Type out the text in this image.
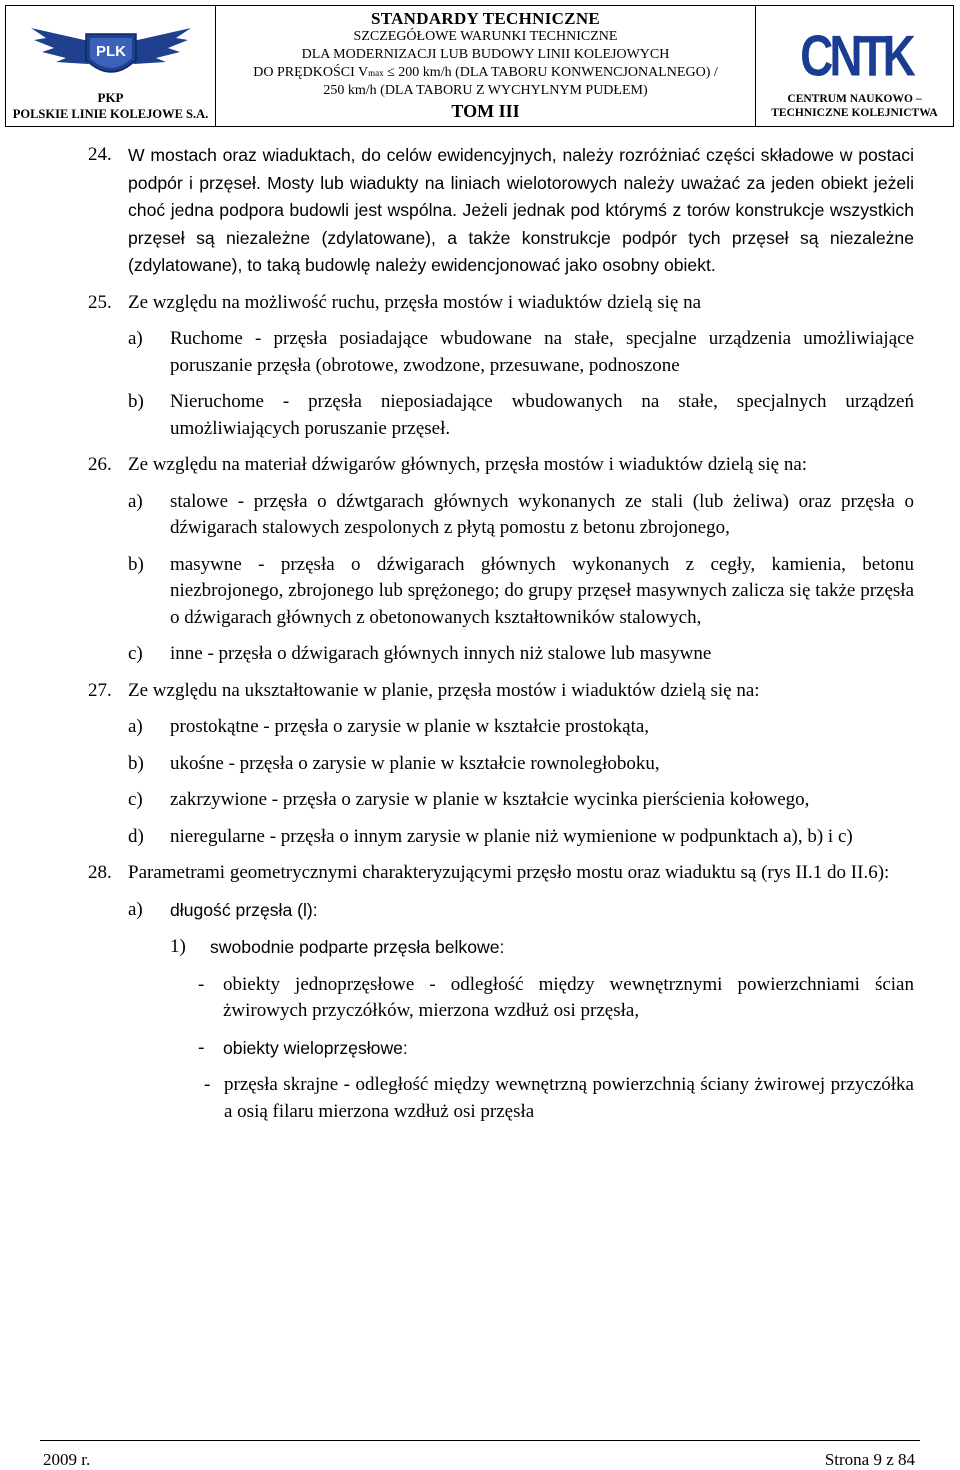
PLK
PKP
POLSKIE LINIE KOLEJOWE S.A.
STANDARDY TECHNICZNE
SZCZEGÓŁOWE WARUNKI TECHNICZNE
DLA MODERNIZACJI LUB BUDOWY LINII KOLEJOWYCH
DO PRĘDKOŚCI Vmax ≤ 200 km/h (DLA TABORU KONWENCJONALNEGO) /
250 km/h (DLA TABORU Z WYCHYLNYM PUDŁEM)
TOM III
CNTK
CENTRUM NAUKOWO –
TECHNICZNE KOLEJNICTWA
24. W mostach oraz wiaduktach, do celów ewidencyjnych, należy rozróżniać części składowe w postaci podpór i przęseł. Mosty lub wiadukty na liniach wielotorowych należy uważać za jeden obiekt jeżeli choć jedna podpora budowli jest wspólna. Jeżeli jednak pod którymś z torów konstrukcje wszystkich przęseł są niezależne (zdylatowane), a także konstrukcje podpór tych przęseł są niezależne (zdylatowane), to taką budowlę należy ewidencjonować jako osobny obiekt.
25. Ze względu na możliwość ruchu, przęsła mostów i wiaduktów dzielą się na
a) Ruchome - przęsła posiadające wbudowane na stałe, specjalne urządzenia umożliwiające poruszanie przęsła (obrotowe, zwodzone, przesuwane, podnoszone
b) Nieruchome - przęsła nieposiadające wbudowanych na stałe, specjalnych urządzeń umożliwiających poruszanie przęseł.
26. Ze względu na materiał dźwigarów głównych, przęsła mostów i wiaduktów dzielą się na:
a) stalowe - przęsła o dźwtgarach głównych wykonanych ze stali (lub żeliwa) oraz przęsła o dźwigarach stalowych zespolonych z płytą pomostu z betonu zbrojonego,
b) masywne - przęsła o dźwigarach głównych wykonanych z cegły, kamienia, betonu niezbrojonego, zbrojonego lub sprężonego; do grupy przęseł masywnych zalicza się także przęsła o dźwigarach głównych z obetonowanych kształtowników stalowych,
c) inne - przęsła o dźwigarach głównych innych niż stalowe lub masywne
27. Ze względu na ukształtowanie w planie, przęsła mostów i wiaduktów dzielą się na:
a) prostokątne - przęsła o zarysie w planie w kształcie prostokąta,
b) ukośne - przęsła o zarysie w planie w kształcie rownoległoboku,
c) zakrzywione - przęsła o zarysie w planie w kształcie wycinka pierścienia kołowego,
d) nieregularne - przęsła o innym zarysie w planie niż wymienione w podpunktach a), b) i c)
28. Parametrami geometrycznymi charakteryzującymi przęsło mostu oraz wiaduktu są (rys II.1 do II.6):
a) długość przęsła (l):
1) swobodnie podparte przęsła belkowe:
- obiekty jednoprzęsłowe - odległość między wewnętrznymi powierzchniami ścian żwirowych przyczółków, mierzona wzdłuż osi przęsła,
- obiekty wieloprzęsłowe:
- przęsła skrajne - odległość między wewnętrzną powierzchnią ściany żwirowej przyczółka a osią filaru mierzona wzdłuż osi przęsła
2009 r.	Strona 9 z 84
